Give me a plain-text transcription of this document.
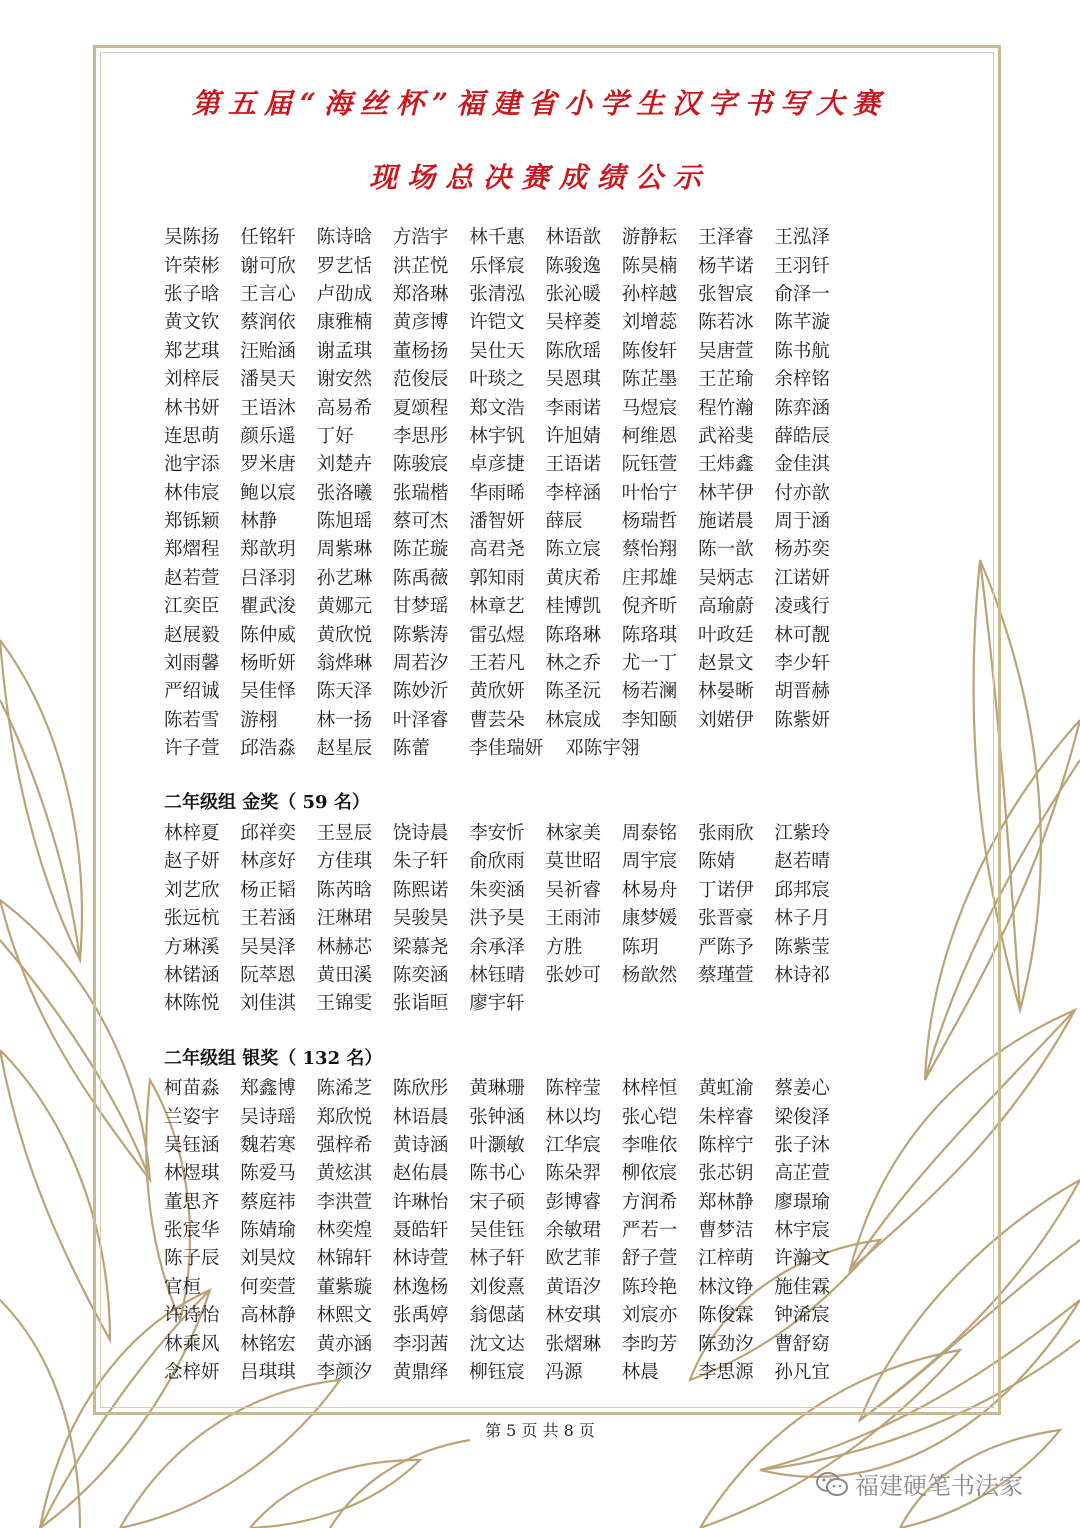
第五届“海丝杯”福建省小学生汉字书写大赛
现场总决赛成绩公示
吴陈扬	任铭轩	陈诗晗	方浩宇	林千惠	林语歆	游静耘	王泽睿	王泓泽
许荣彬	谢可欣	罗艺恬	洪芷悦	乐怿宸	陈骏逸	陈昊楠	杨芊诺	王羽钎
张子晗	王言心	卢劭成	郑洛琳	张清泓	张沁暖	孙梓越	张智宸	俞泽一
黄文钦	蔡润依	康雅楠	黄彦博	许铠文	吴梓菱	刘增蕊	陈若冰	陈芊漩
郑艺琪	汪贻涵	谢孟琪	董杨扬	吴仕天	陈欣瑶	陈俊轩	吴唐萱	陈书航
刘梓辰	潘昊天	谢安然	范俊辰	叶琰之	吴恩琪	陈芷墨	王芷瑜	余梓铭
林书妍	王语沐	高易希	夏颂程	郑文浩	李雨诺	马煜宸	程竹瀚	陈弈涵
连思萌	颜乐遥	丁好	李思彤	林宇钒	许旭婧	柯维恩	武裕斐	薛皓辰
池宇添	罗米唐	刘楚卉	陈骏宸	卓彦捷	王语诺	阮钰萱	王炜鑫	金佳淇
林伟宸	鲍以宸	张洛曦	张瑞楷	华雨晞	李梓涵	叶怡宁	林芊伊	付亦歆
郑铄颖	林静	陈旭瑶	蔡可杰	潘智妍	薛辰	杨瑞哲	施诺晨	周于涵
郑熠程	郑歆玥	周紫琳	陈芷璇	高君尧	陈立宸	蔡怡翔	陈一歆	杨苏奕
赵若萱	吕泽羽	孙艺琳	陈禹薇	郭知雨	黄庆希	庄邦雄	吴炳志	江诺妍
江奕臣	瞿武浚	黄娜元	甘梦瑶	林章艺	桂博凯	倪齐昕	高瑜蔚	凌彧行
赵展毅	陈仲威	黄欣悦	陈紫涛	雷弘煜	陈珞琳	陈珞琪	叶政廷	林可靓
刘雨馨	杨昕妍	翁烨琳	周若汐	王若凡	林之乔	尤一丁	赵景文	李少轩
严绍诚	吴佳怿	陈天泽	陈妙沂	黄欣妍	陈圣沅	杨若澜	林晏晰	胡晋赫
陈若雪	游栩	林一扬	叶泽睿	曹芸朵	林宸成	李知颐	刘婼伊	陈紫妍
许子萱	邱浩淼	赵星辰	陈蕾	李佳瑞妍	邓陈宇翎
二年级组 金奖（ 59 名）
林梓夏	邱祥奕	王昱辰	饶诗晨	李安忻	林家美	周泰铭	张雨欣	江紫玲
赵子妍	林彦好	方佳琪	朱子轩	俞欣雨	莫世昭	周宇宸	陈婧	赵若晴
刘艺欣	杨正韬	陈芮晗	陈熙诺	朱奕涵	吴祈睿	林易舟	丁诺伊	邱邦宸
张远杭	王若涵	汪琳珺	吴骏昊	洪予昊	王雨沛	康梦媛	张晋豪	林子月
方琳溪	吴昊泽	林赫芯	梁慕尧	余承泽	方胜	陈玥	严陈予	陈紫莹
林锘涵	阮萃恩	黄田溪	陈奕涵	林钰晴	张妙可	杨歆然	蔡瑾萱	林诗祁
林陈悦	刘佳淇	王锦雯	张诣晅	廖宇轩
二年级组 银奖（ 132 名）
柯苗淼	郑鑫博	陈浠芝	陈欣彤	黄琳珊	陈梓莹	林梓恒	黄虹渝	蔡姜心
兰姿宇	吴诗瑶	郑欣悦	林语晨	张钟涵	林以均	张心铠	朱梓睿	梁俊泽
吴钰涵	魏若寒	强梓希	黄诗涵	叶灏敏	江华宸	李唯依	陈梓宁	张子沐
林煜琪	陈爱马	黄炫淇	赵佑晨	陈书心	陈朵羿	柳依宸	张芯钥	高芷萱
董思齐	蔡庭祎	李洪萱	许琳怡	宋子硕	彭博睿	方润希	郑林静	廖璟瑜
张宸华	陈婧瑜	林奕煌	聂皓轩	吴佳钰	余敏珺	严若一	曹梦洁	林宇宸
陈子辰	刘昊炆	林锦轩	林诗萱	林子轩	欧艺菲	舒子萱	江梓萌	许瀚文
官桓	何奕萱	董紫璇	林逸杨	刘俊熹	黄语汐	陈玲艳	林汶铮	施佳霖
许诗怡	高林静	林熙文	张禹婷	翁偲菡	林安琪	刘宸亦	陈俊霖	钟浠宸
林乘风	林铭宏	黄亦涵	李羽茜	沈文达	张熠琳	李昀芳	陈劲汐	曹舒窈
念梓妍	吕琪琪	李颜汐	黄鼎绎	柳钰宸	冯源	林晨	李思源	孙凡宜
第 5 页 共 8 页
福建硬笔书法家
